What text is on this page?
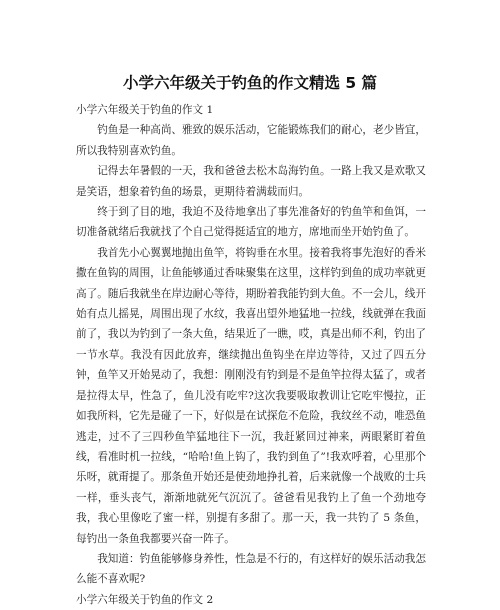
小学六年级关于钓鱼的作文精选 5 篇

小学六年级关于钓鱼的作文 1

钓鱼是一种高尚、雅致的娱乐活动，它能锻炼我们的耐心，老少皆宜，所以我特别喜欢钓鱼。

记得去年暑假的一天，我和爸爸去松木岛海钓鱼。一路上我又是欢歌又是笑语，想象着钓鱼的场景，更期待着满载而归。

终于到了目的地，我迫不及待地拿出了事先准备好的钓鱼竿和鱼饵，一切准备就绪后我就找了个自己觉得挺适宜的地方，席地而坐开始钓鱼了。

我首先小心翼翼地抛出鱼竿，将钩垂在水里。接着我将事先泡好的香米撒在鱼钩的周围，让鱼能够通过香味聚集在这里，这样钓到鱼的成功率就更高了。随后我就坐在岸边耐心等待，期盼着我能钓到大鱼。不一会儿，线开始有点儿摇晃，周围出现了水纹，我喜出望外地猛地一拉线，线就弹在我面前了，我以为钓到了一条大鱼，结果近了一瞧，哎，真是出师不利，钓出了一节水草。我没有因此放弃，继续抛出鱼钩坐在岸边等待，又过了四五分钟，鱼竿又开始晃动了，我想：刚刚没有钓到是不是鱼竿拉得太猛了，或者是拉得太早，性急了，鱼儿没有吃牢?这次我要吸取教训让它吃牢慢拉，正如我所料，它先是碰了一下，好似是在试探危不危险，我纹丝不动，唯恐鱼逃走，过不了三四秒鱼竿猛地往下一沉，我赶紧回过神来，两眼紧盯着鱼线，看准时机一拉线，“哈哈!鱼上钩了，我钓到鱼了”!我欢呼着，心里那个乐呀，就甭提了。那条鱼开始还是使劲地挣扎着，后来就像一个战败的士兵一样，垂头丧气，渐渐地就死气沉沉了。爸爸看见我钓上了鱼一个劲地夸我，我心里像吃了蜜一样，别提有多甜了。那一天，我一共钓了 5 条鱼，每钓出一条鱼我都要兴奋一阵子。

我知道：钓鱼能够修身养性，性急是不行的，有这样好的娱乐活动我怎么能不喜欢呢?

小学六年级关于钓鱼的作文 2
